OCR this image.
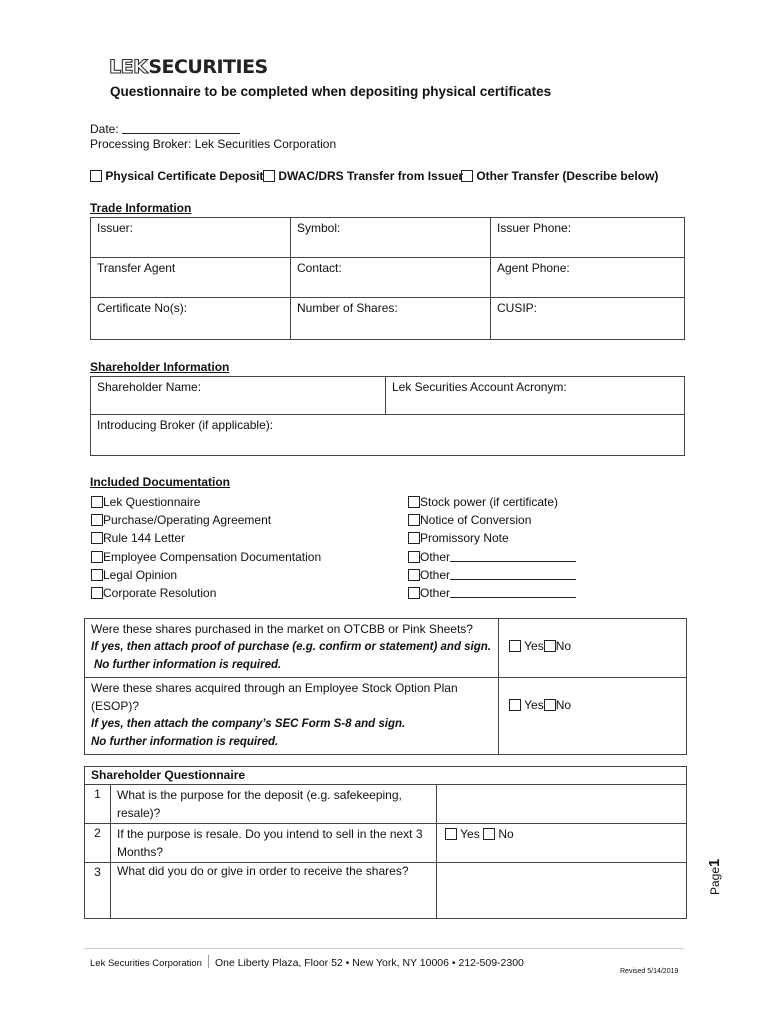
LEKSECURITIES
Questionnaire to be completed when depositing physical certificates
Date:
Processing Broker: Lek Securities Corporation
Physical Certificate Deposit	DWAC/DRS Transfer from Issuer	Other Transfer (Describe below)
Trade Information
Issuer:	Symbol:	Issuer Phone:
Transfer Agent	Contact:	Agent Phone:
Certificate No(s):	Number of Shares:	CUSIP:
Shareholder Information
Shareholder Name:	Lek Securities Account Acronym:
Introducing Broker (if applicable):
Included Documentation
Lek Questionnaire
Purchase/Operating Agreement
Rule 144 Letter
Employee Compensation Documentation
Legal Opinion
Corporate Resolution
Stock power (if certificate)
Notice of Conversion
Promissory Note
Other
Other
Other
Were these shares purchased in the market on OTCBB or Pink Sheets?
If yes, then attach proof of purchase (e.g. confirm or statement) and sign.
No further information is required.	Yes No

Were these shares acquired through an Employee Stock Option Plan (ESOP)?
If yes, then attach the company’s SEC Form S-8 and sign.
No further information is required.	Yes No
Shareholder Questionnaire		
1	What is the purpose for the deposit (e.g. safekeeping,
resale)?	

2	If the purpose is resale. Do you intend to sell in the next 3
Months?	Yes No
3	What did you do or give in order to receive the shares?		Page1
Lek Securities Corporation One Liberty Plaza, Floor 52 • New York, NY 10006 • 212-509-2300
Revised 5/14/2019
